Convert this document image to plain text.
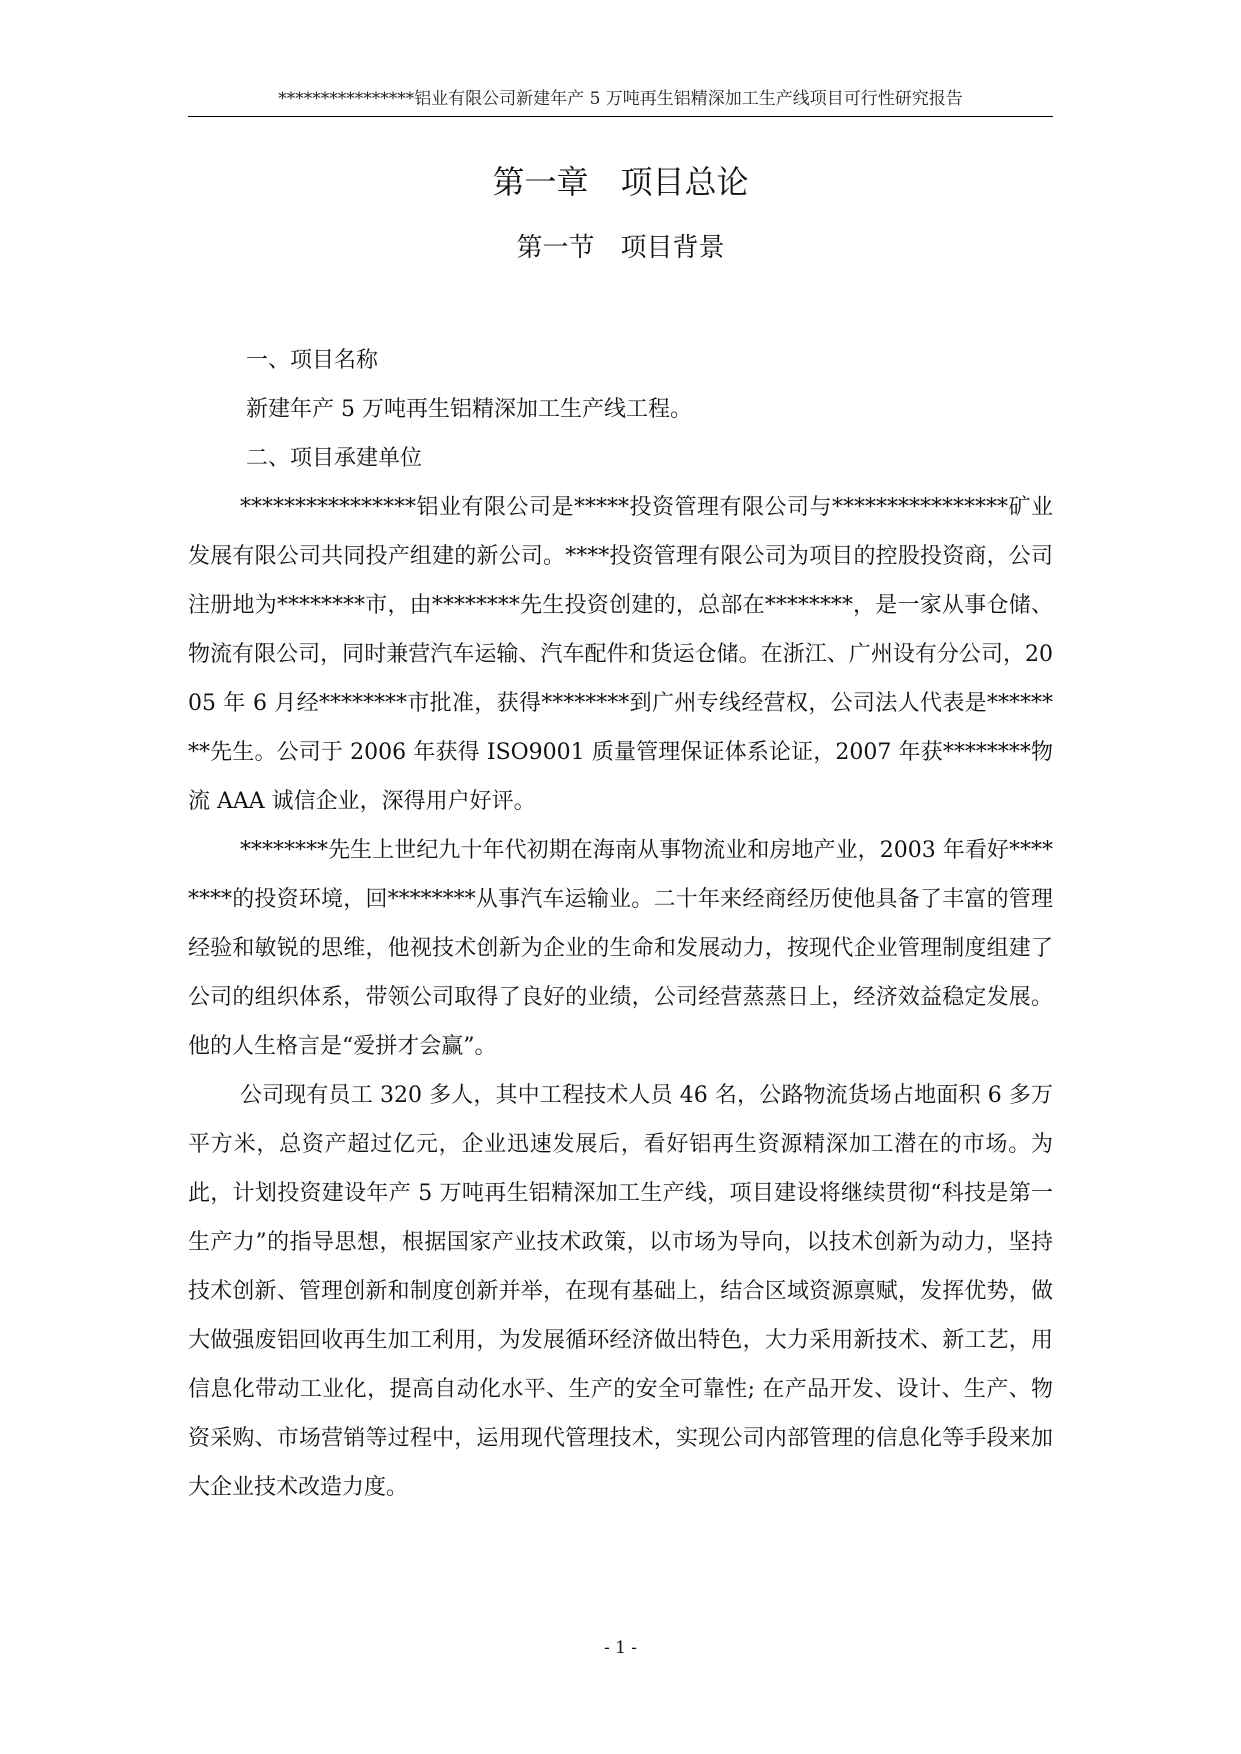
****************铝业有限公司新建年产 5 万吨再生铝精深加工生产线项目可行性研究报告
第一章　项目总论
第一节　项目背景
一、项目名称

新建年产 5 万吨再生铝精深加工生产线工程。

二、项目承建单位

****************铝业有限公司是*****投资管理有限公司与****************矿业发展有限公司共同投产组建的新公司。****投资管理有限公司为项目的控股投资商，公司注册地为********市，由********先生投资创建的，总部在********，是一家从事仓储、物流有限公司，同时兼营汽车运输、汽车配件和货运仓储。在浙江、广州设有分公司，2005 年 6 月经********市批准，获得********到广州专线经营权，公司法人代表是********先生。公司于 2006 年获得 ISO9001 质量管理保证体系论证，2007 年获********物流 AAA 诚信企业，深得用户好评。

********先生上世纪九十年代初期在海南从事物流业和房地产业，2003 年看好********的投资环境，回********从事汽车运输业。二十年来经商经历使他具备了丰富的管理经验和敏锐的思维，他视技术创新为企业的生命和发展动力，按现代企业管理制度组建了公司的组织体系，带领公司取得了良好的业绩，公司经营蒸蒸日上，经济效益稳定发展。他的人生格言是“爱拼才会赢”。

公司现有员工 320 多人，其中工程技术人员 46 名，公路物流货场占地面积 6 多万平方米，总资产超过亿元，企业迅速发展后，看好铝再生资源精深加工潜在的市场。为此，计划投资建设年产 5 万吨再生铝精深加工生产线，项目建设将继续贯彻“科技是第一生产力”的指导思想，根据国家产业技术政策，以市场为导向，以技术创新为动力，坚持技术创新、管理创新和制度创新并举，在现有基础上，结合区域资源禀赋，发挥优势，做大做强废铝回收再生加工利用，为发展循环经济做出特色，大力采用新技术、新工艺，用信息化带动工业化，提高自动化水平、生产的安全可靠性; 在产品开发、设计、生产、物资采购、市场营销等过程中，运用现代管理技术，实现公司内部管理的信息化等手段来加大企业技术改造力度。

- 1 -
